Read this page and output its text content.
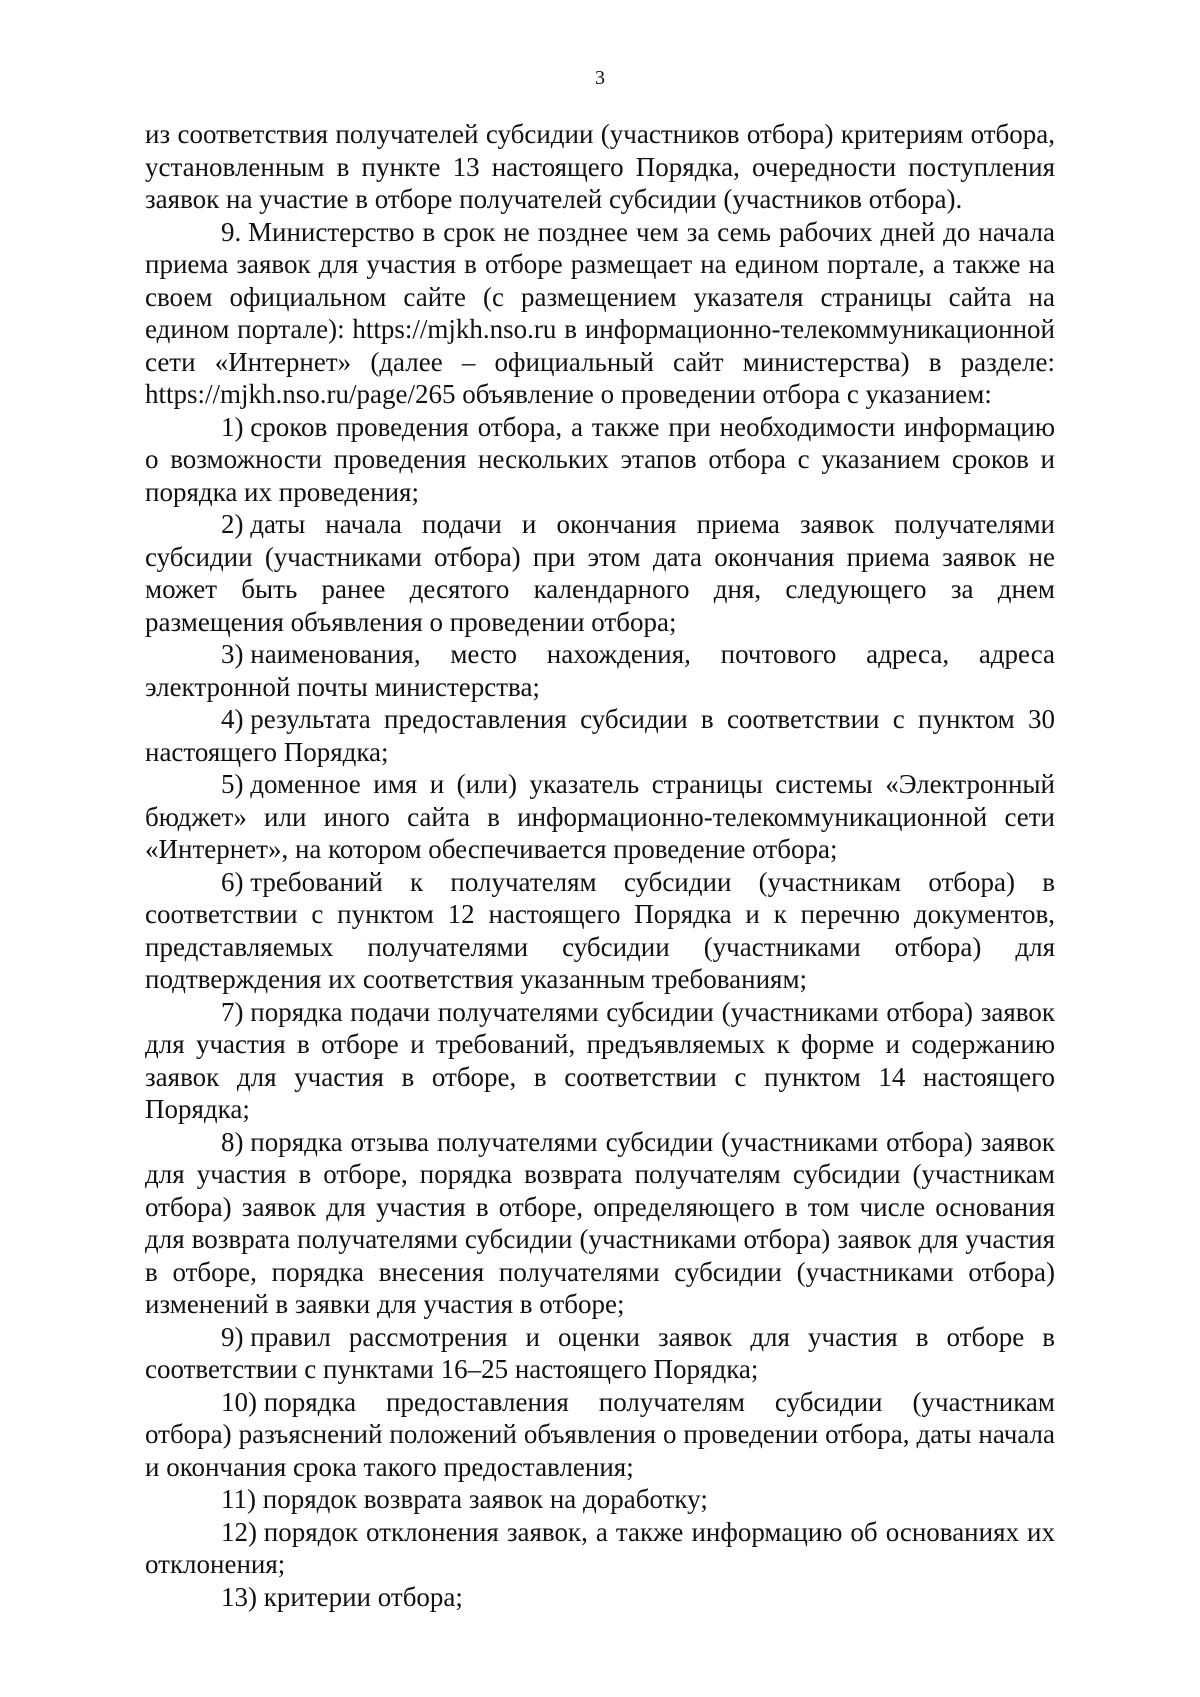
3

из соответствия получателей субсидии (участников отбора) критериям отбора, установленным в пункте 13 настоящего Порядка, очередности поступления заявок на участие в отборе получателей субсидии (участников отбора).

9. Министерство в срок не позднее чем за семь рабочих дней до начала приема заявок для участия в отборе размещает на едином портале, а также на своем официальном сайте (с размещением указателя страницы сайта на едином портале): https://mjkh.nso.ru в информационно-телекоммуникационной сети «Интернет» (далее – официальный сайт министерства) в разделе: https://mjkh.nso.ru/page/265 объявление о проведении отбора с указанием:

1) сроков проведения отбора, а также при необходимости информацию о возможности проведения нескольких этапов отбора с указанием сроков и порядка их проведения;

2) даты начала подачи и окончания приема заявок получателями субсидии (участниками отбора) при этом дата окончания приема заявок не может быть ранее десятого календарного дня, следующего за днем размещения объявления о проведении отбора;

3) наименования, место нахождения, почтового адреса, адреса электронной почты министерства;

4) результата предоставления субсидии в соответствии с пунктом 30 настоящего Порядка;

5) доменное имя и (или) указатель страницы системы «Электронный бюджет» или иного сайта в информационно-телекоммуникационной сети «Интернет», на котором обеспечивается проведение отбора;

6) требований к получателям субсидии (участникам отбора) в соответствии с пунктом 12 настоящего Порядка и к перечню документов, представляемых получателями субсидии (участниками отбора) для подтверждения их соответствия указанным требованиям;

7) порядка подачи получателями субсидии (участниками отбора) заявок для участия в отборе и требований, предъявляемых к форме и содержанию заявок для участия в отборе, в соответствии с пунктом 14 настоящего Порядка;

8) порядка отзыва получателями субсидии (участниками отбора) заявок для участия в отборе, порядка возврата получателям субсидии (участникам отбора) заявок для участия в отборе, определяющего в том числе основания для возврата получателями субсидии (участниками отбора) заявок для участия в отборе, порядка внесения получателями субсидии (участниками отбора) изменений в заявки для участия в отборе;

9) правил рассмотрения и оценки заявок для участия в отборе в соответствии с пунктами 16–25 настоящего Порядка;

10) порядка предоставления получателям субсидии (участникам отбора) разъяснений положений объявления о проведении отбора, даты начала и окончания срока такого предоставления;

11) порядок возврата заявок на доработку;

12) порядок отклонения заявок, а также информацию об основаниях их отклонения;

13) критерии отбора;
